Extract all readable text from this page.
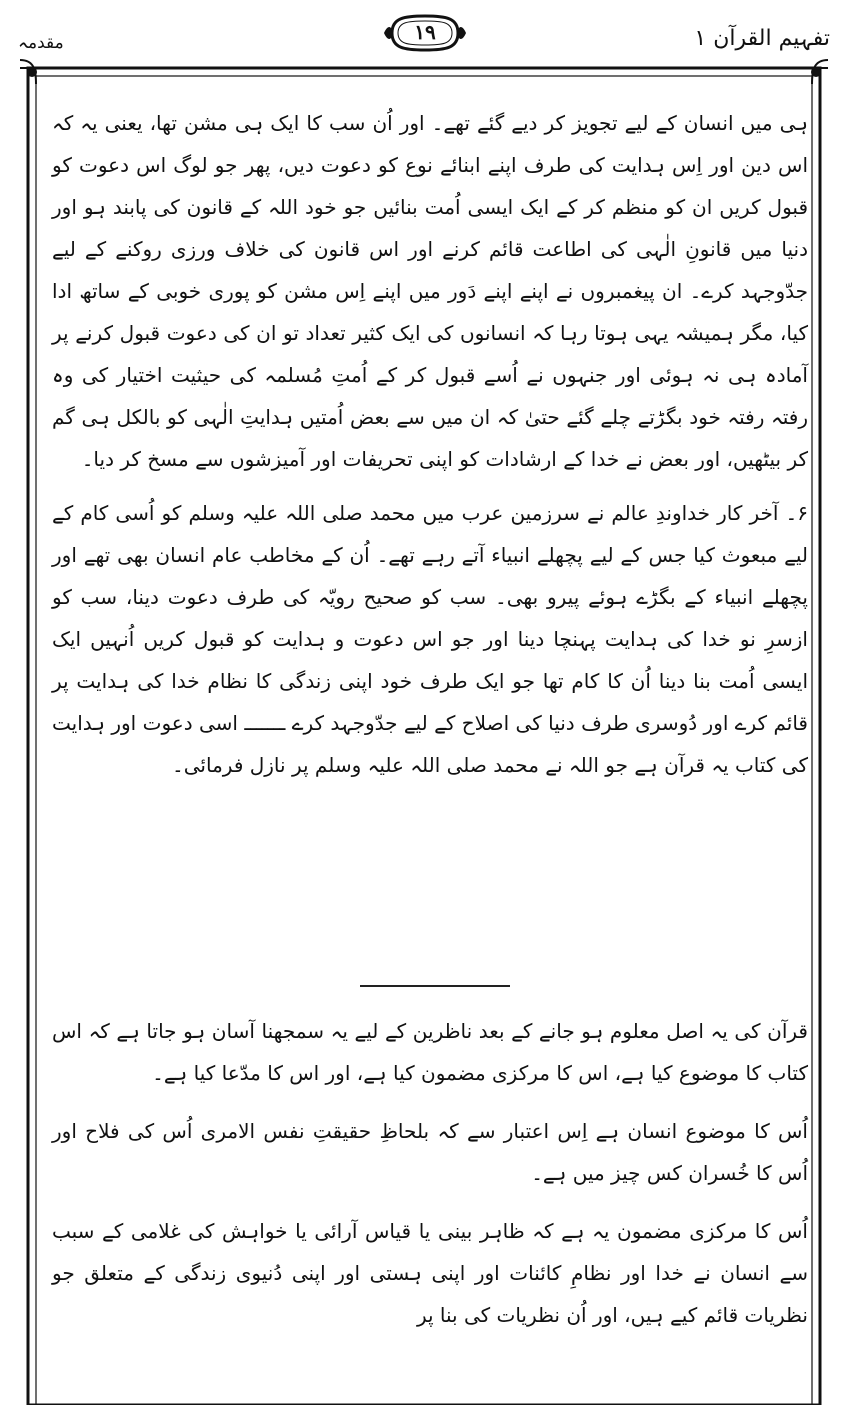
مقدمہ	۱۹	تفہیم القرآن ۱

ہی میں انسان کے لیے تجویز کر دیے گئے تھے۔ اور اُن سب کا ایک ہی مشن تھا، یعنی یہ کہ اس دین اور اِس ہدایت کی طرف اپنے ابنائے نوع کو دعوت دیں، پھر جو لوگ اس دعوت کو قبول کریں ان کو منظم کر کے ایک ایسی اُمت بنائیں جو خود اللہ کے قانون کی پابند ہو اور دنیا میں قانونِ الٰہی کی اطاعت قائم کرنے اور اس قانون کی خلاف ورزی روکنے کے لیے جدّوجہد کرے۔ ان پیغمبروں نے اپنے اپنے دَور میں اپنے اِس مشن کو پوری خوبی کے ساتھ ادا کیا، مگر ہمیشہ یہی ہوتا رہا کہ انسانوں کی ایک کثیر تعداد تو ان کی دعوت قبول کرنے پر آمادہ ہی نہ ہوئی اور جنہوں نے اُسے قبول کر کے اُمتِ مُسلمہ کی حیثیت اختیار کی وہ رفتہ رفتہ خود بگڑتے چلے گئے حتیٰ کہ ان میں سے بعض اُمتیں ہدایتِ الٰہی کو بالکل ہی گم کر بیٹھیں، اور بعض نے خدا کے ارشادات کو اپنی تحریفات اور آمیزشوں سے مسخ کر دیا۔

۶۔ آخر کار خداوندِ عالم نے سرزمین عرب میں محمد صلی اللہ علیہ وسلم کو اُسی کام کے لیے مبعوث کیا جس کے لیے پچھلے انبیاء آتے رہے تھے۔ اُن کے مخاطب عام انسان بھی تھے اور پچھلے انبیاء کے بگڑے ہوئے پیرو بھی۔ سب کو صحیح رویّہ کی طرف دعوت دینا، سب کو ازسرِ نو خدا کی ہدایت پہنچا دینا اور جو اس دعوت و ہدایت کو قبول کریں اُنہیں ایک ایسی اُمت بنا دینا اُن کا کام تھا جو ایک طرف خود اپنی زندگی کا نظام خدا کی ہدایت پر قائم کرے اور دُوسری طرف دنیا کی اصلاح کے لیے جدّوجہد کرے ـــــــ اسی دعوت اور ہدایت کی کتاب یہ قرآن ہے جو اللہ نے محمد صلی اللہ علیہ وسلم پر نازل فرمائی۔

قرآن کی یہ اصل معلوم ہو جانے کے بعد ناظرین کے لیے یہ سمجھنا آسان ہو جاتا ہے کہ اس کتاب کا موضوع کیا ہے، اس کا مرکزی مضمون کیا ہے، اور اس کا مدّعا کیا ہے۔

اُس کا موضوع انسان ہے اِس اعتبار سے کہ بلحاظِ حقیقتِ نفس الامری اُس کی فلاح اور اُس کا خُسران کس چیز میں ہے۔

اُس کا مرکزی مضمون یہ ہے کہ ظاہر بینی یا قیاس آرائی یا خواہش کی غلامی کے سبب سے انسان نے خدا اور نظامِ کائنات اور اپنی ہستی اور اپنی دُنیوی زندگی کے متعلق جو نظریات قائم کیے ہیں، اور اُن نظریات کی بنا پر
